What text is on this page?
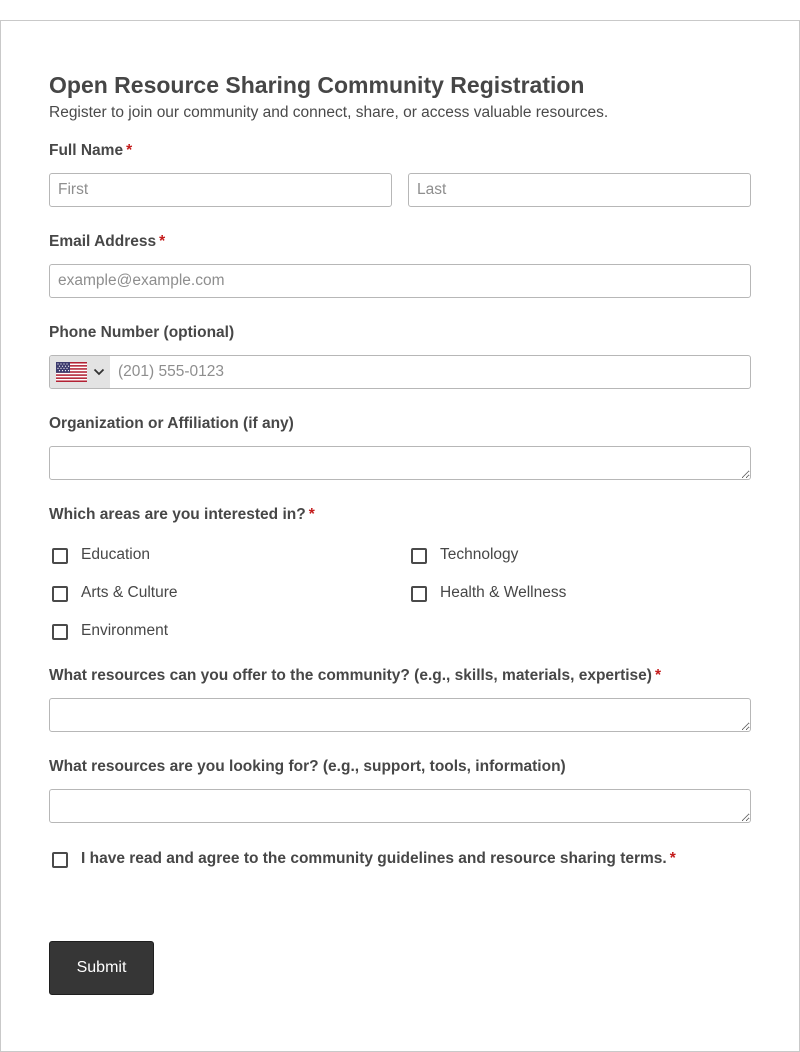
Open Resource Sharing Community Registration
Register to join our community and connect, share, or access valuable resources.
Full Name *
First
Last
Email Address *
example@example.com
Phone Number (optional)
(201) 555-0123
Organization or Affiliation (if any)
Which areas are you interested in? *
Education	Technology
Arts & Culture	Health & Wellness
Environment
What resources can you offer to the community? (e.g., skills, materials, expertise) *
What resources are you looking for? (e.g., support, tools, information)
I have read and agree to the community guidelines and resource sharing terms. *
Submit
